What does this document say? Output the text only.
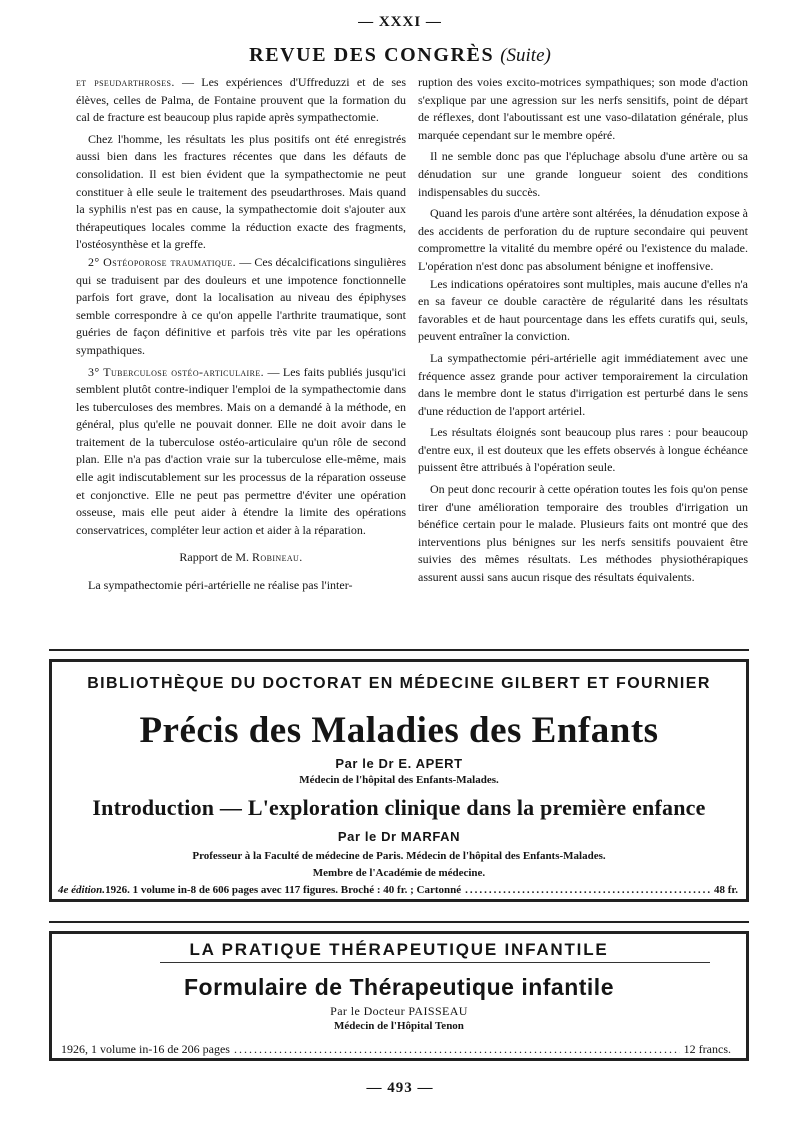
— XXXI —
REVUE DES CONGRÈS (Suite)

et pseudarthroses. — Les expériences d'Uffreduzzi et de ses élèves, celles de Palma, de Fontaine prouvent que la formation du cal de fracture est beaucoup plus rapide après sympathectomie.

Chez l'homme, les résultats les plus positifs ont été enregistrés aussi bien dans les fractures récentes que dans les défauts de consolidation. Il est bien évident que la sympathectomie ne peut constituer à elle seule le traitement des pseudarthroses. Mais quand la syphilis n'est pas en cause, la sympathectomie doit s'ajouter aux thérapeutiques locales comme la réduction exacte des fragments, l'ostéosynthèse et la greffe.

2° Ostéoporose traumatique. — Ces décalcifications singulières qui se traduisent par des douleurs et une impotence fonctionnelle parfois fort grave, dont la localisation au niveau des épiphyses semble correspondre à ce qu'on appelle l'arthrite traumatique, sont guéries de façon définitive et parfois très vite par les opérations sympathiques.

3° Tuberculose ostéo-articulaire. — Les faits publiés jusqu'ici semblent plutôt contre-indiquer l'emploi de la sympathectomie dans les tuberculoses des membres. Mais on a demandé à la méthode, en général, plus qu'elle ne pouvait donner. Elle ne doit avoir dans le traitement de la tuberculose ostéo-articulaire qu'un rôle de second plan. Elle n'a pas d'action vraie sur la tuberculose elle-même, mais elle agit indiscutablement sur les processus de la réparation osseuse et conjonctive. Elle ne peut pas permettre d'éviter une opération osseuse, mais elle peut aider à étendre la limite des opérations conservatrices, compléter leur action et aider à la réparation.

Rapport de M. Robineau.

La sympathectomie péri-artérielle ne réalise pas l'inter-

ruption des voies excito-motrices sympathiques; son mode d'action s'explique par une agression sur les nerfs sensitifs, point de départ de réflexes, dont l'aboutissant est une vaso-dilatation générale, plus marquée cependant sur le membre opéré.

Il ne semble donc pas que l'épluchage absolu d'une artère ou sa dénudation sur une grande longueur soient des conditions indispensables du succès.

Quand les parois d'une artère sont altérées, la dénudation expose à des accidents de perforation du de rupture secondaire qui peuvent compromettre la vitalité du membre opéré ou l'existence du malade. L'opération n'est donc pas absolument bénigne et inoffensive.

Les indications opératoires sont multiples, mais aucune d'elles n'a en sa faveur ce double caractère de régularité dans les résultats favorables et de haut pourcentage dans les effets curatifs qui, seuls, peuvent entraîner la conviction.

La sympathectomie péri-artérielle agit immédiatement avec une fréquence assez grande pour activer temporairement la circulation dans le membre dont le status d'irrigation est perturbé dans le sens d'une réduction de l'apport artériel.

Les résultats éloignés sont beaucoup plus rares : pour beaucoup d'entre eux, il est douteux que les effets observés à longue échéance puissent être attribués à l'opération seule.

On peut donc recourir à cette opération toutes les fois qu'on pense tirer d'une amélioration temporaire des troubles d'irrigation un bénéfice certain pour le malade. Plusieurs faits ont montré que des interventions plus bénignes sur les nerfs sensitifs pouvaient être suivies des mêmes résultats. Les méthodes physiothérapiques assurent aussi sans aucun risque des résultats équivalents.

BIBLIOTHÈQUE DU DOCTORAT EN MÉDECINE GILBERT ET FOURNIER
Précis des Maladies des Enfants
Par le Dr E. APERT
Médecin de l'hôpital des Enfants-Malades.
Introduction — L'exploration clinique dans la première enfance
Par le Dr MARFAN
Professeur à la Faculté de médecine de Paris. Médecin de l'hôpital des Enfants-Malades.
Membre de l'Académie de médecine.
4e édition. 1926. 1 volume in-8 de 606 pages avec 117 figures. Broché : 40 fr. ; Cartonné .....	48 fr.
LA PRATIQUE THÉRAPEUTIQUE INFANTILE
Formulaire de Thérapeutique infantile
Par le Docteur PAISSEAU
Médecin de l'Hôpital Tenon
1926, 1 volume in-16 de 206 pages .....	12 francs.
— 493 —
